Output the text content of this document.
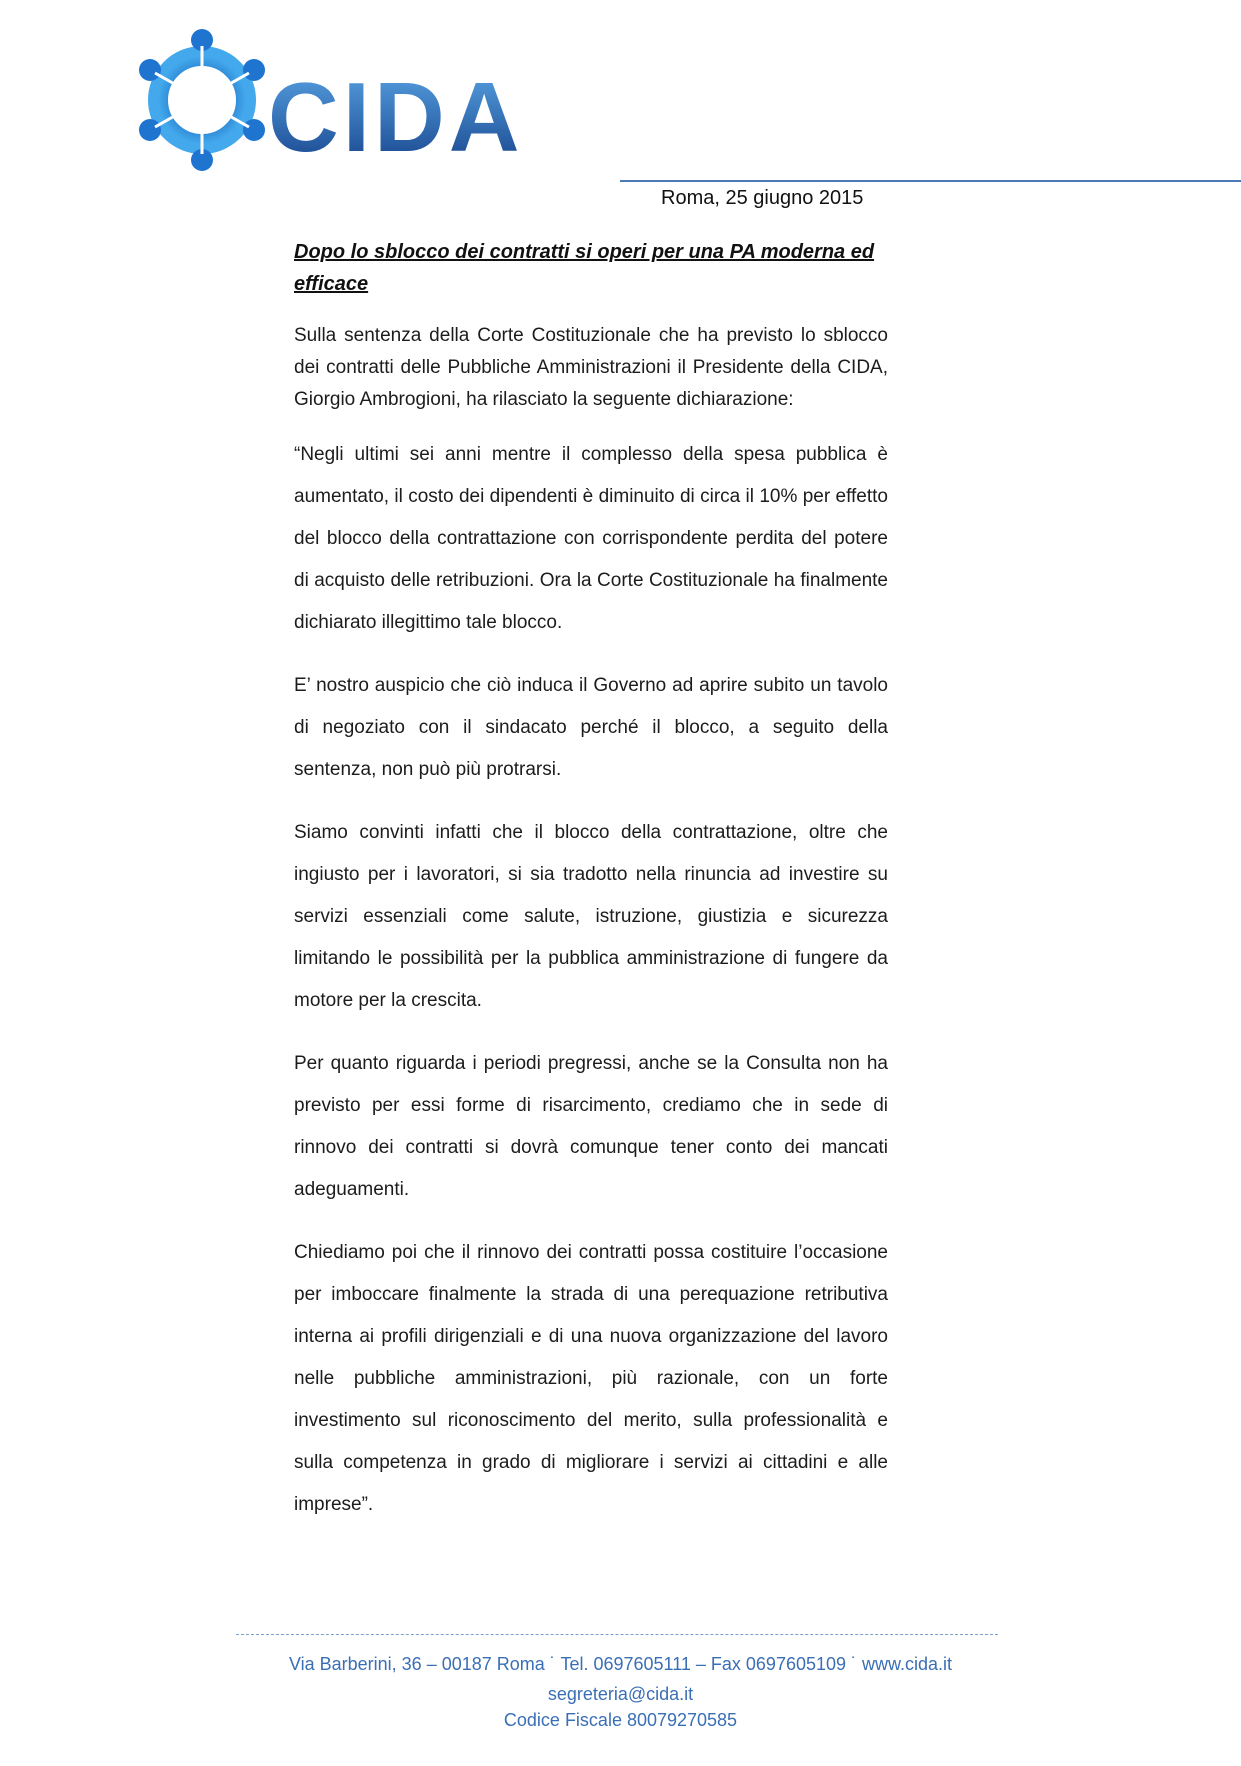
CIDA
Roma, 25 giugno 2015
Dopo lo sblocco dei contratti si operi per una PA moderna ed efficace

Sulla sentenza della Corte Costituzionale che ha previsto lo sblocco dei contratti delle Pubbliche Amministrazioni il Presidente della CIDA, Giorgio Ambrogioni, ha rilasciato la seguente dichiarazione:

“Negli ultimi sei anni mentre il complesso della spesa pubblica è aumentato, il costo dei dipendenti è diminuito di circa il 10% per effetto del blocco della contrattazione con corrispondente perdita del potere di acquisto delle retribuzioni. Ora la Corte Costituzionale ha finalmente dichiarato illegittimo tale blocco.

E’ nostro auspicio che ciò induca il Governo ad aprire subito un tavolo di negoziato con il sindacato perché il blocco, a seguito della sentenza, non può più protrarsi.

Siamo convinti infatti che il blocco della contrattazione, oltre che ingiusto per i lavoratori, si sia tradotto nella rinuncia ad investire su servizi essenziali come salute, istruzione, giustizia e sicurezza limitando le possibilità per la pubblica amministrazione di fungere da motore per la crescita.

Per quanto riguarda i periodi pregressi, anche se la Consulta non ha previsto per essi forme di risarcimento, crediamo che in sede di rinnovo dei contratti si dovrà comunque tener conto dei mancati adeguamenti.

Chiediamo poi che il rinnovo dei contratti possa costituire l’occasione per imboccare finalmente la strada di una perequazione retributiva interna ai profili dirigenziali e di una nuova organizzazione del lavoro nelle pubbliche amministrazioni, più razionale, con un forte investimento sul riconoscimento del merito, sulla professionalità e sulla competenza in grado di migliorare i servizi ai cittadini e alle imprese”.

Via Barberini, 36 – 00187 Roma ˙ Tel. 0697605111 – Fax 0697605109 ˙ www.cida.it
segreteria@cida.it
Codice Fiscale 80079270585
